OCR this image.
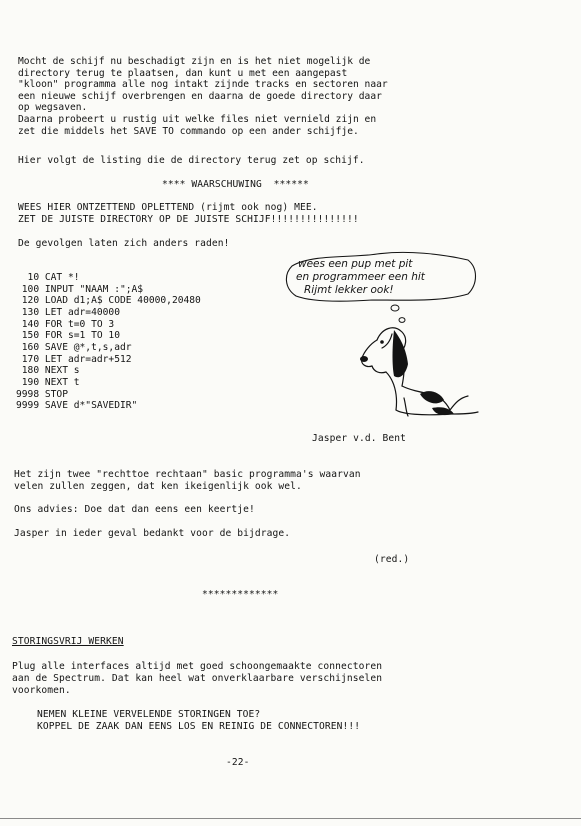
Mocht de schijf nu beschadigt zijn en is het niet mogelijk de
directory terug te plaatsen, dan kunt u met een aangepast
"kloon" programma alle nog intakt zijnde tracks en sectoren naar
een nieuwe schijf overbrengen en daarna de goede directory daar
op wegsaven.
Daarna probeert u rustig uit welke files niet vernield zijn en
zet die middels het SAVE TO commando op een ander schijfje.
Hier volgt de listing die de directory terug zet op schijf.
**** WAARSCHUWING  ******
WEES HIER ONTZETTEND OPLETTEND (rijmt ook nog) MEE.
ZET DE JUISTE DIRECTORY OP DE JUISTE SCHIJF!!!!!!!!!!!!!!!
De gevolgen laten zich anders raden!
10 CAT *!
100 INPUT "NAAM :";A$
120 LOAD d1;A$ CODE 40000,20480
130 LET adr=40000
140 FOR t=0 TO 3
150 FOR s=1 TO 10
160 SAVE @*,t,s,adr
170 LET adr=adr+512
180 NEXT s
190 NEXT t
9998 STOP
9999 SAVE d*"SAVEDIR"
wees een pup met pit
en programmeer een hit
Rijmt lekker ook!
Jasper v.d. Bent
Het zijn twee "rechttoe rechtaan" basic programma's waarvan
velen zullen zeggen, dat ken ikeigenlijk ook wel.
Ons advies: Doe dat dan eens een keertje!
Jasper in ieder geval bedankt voor de bijdrage.
(red.)
*************
STORINGSVRIJ WERKEN
Plug alle interfaces altijd met goed schoongemaakte connectoren
aan de Spectrum. Dat kan heel wat onverklaarbare verschijnselen
voorkomen.
NEMEN KLEINE VERVELENDE STORINGEN TOE?
KOPPEL DE ZAAK DAN EENS LOS EN REINIG DE CONNECTOREN!!!
-22-
